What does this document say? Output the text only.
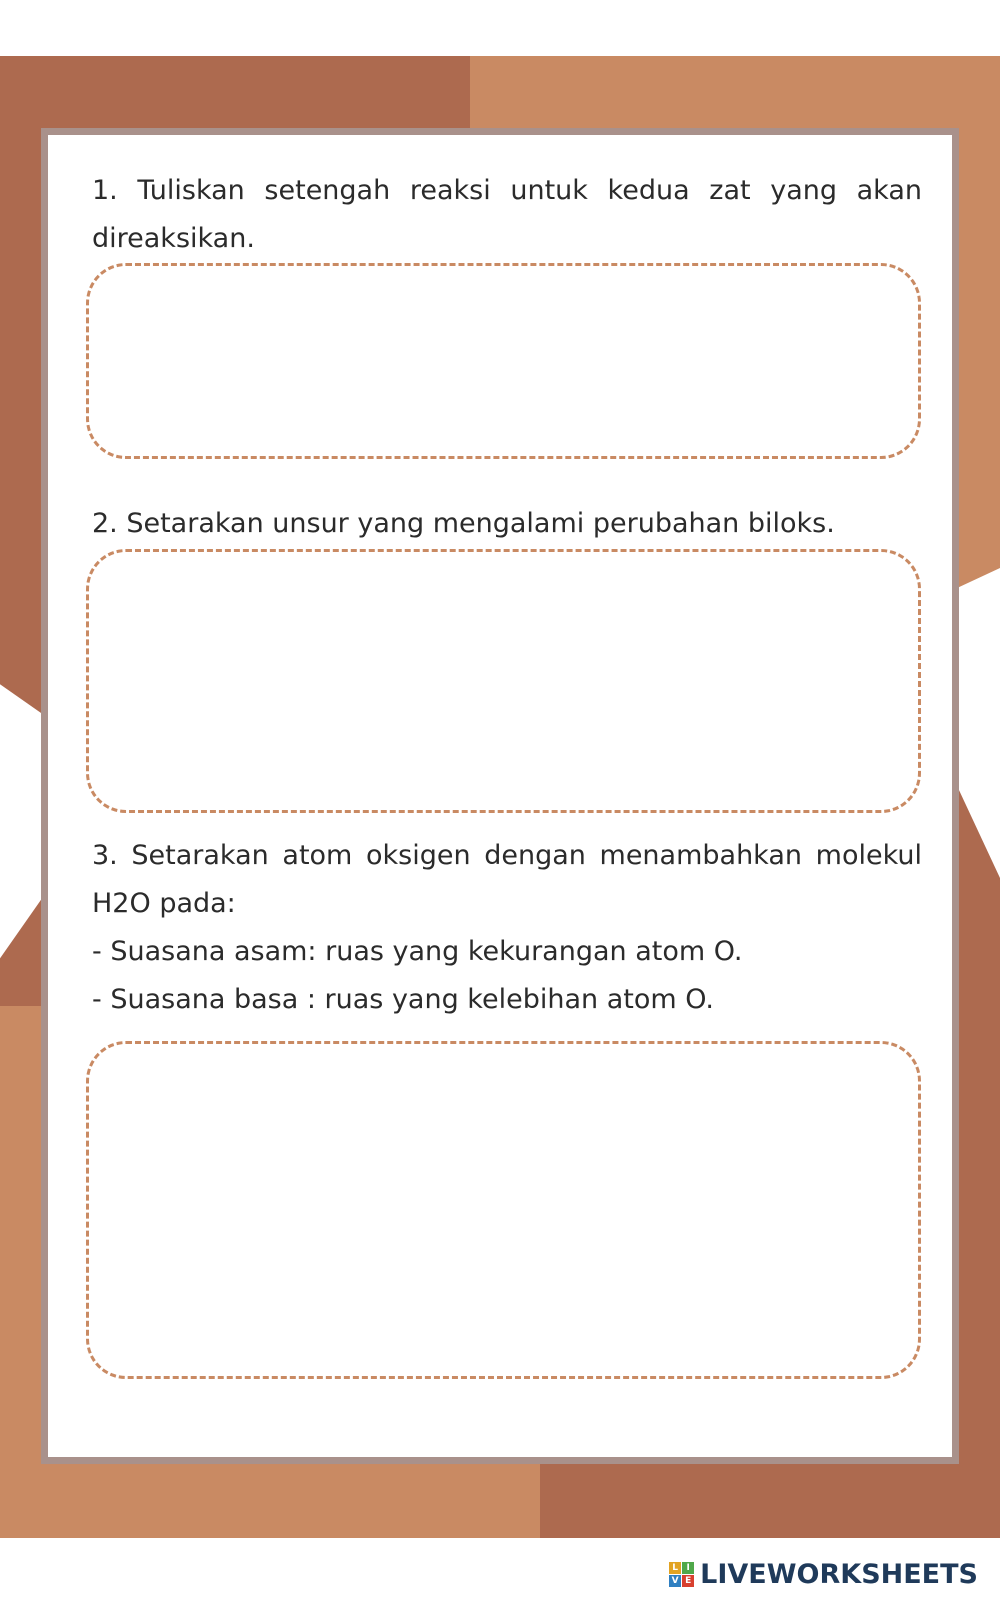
1. Tuliskan setengah reaksi untuk kedua zat yang akan direaksikan.

2. Setarakan unsur yang mengalami perubahan biloks.

3. Setarakan atom oksigen dengan menambahkan molekul H2O pada:

- Suasana asam: ruas yang kekurangan atom O.

- Suasana basa : ruas yang kelebihan atom O.

L I
V E LIVEWORKSHEETS
